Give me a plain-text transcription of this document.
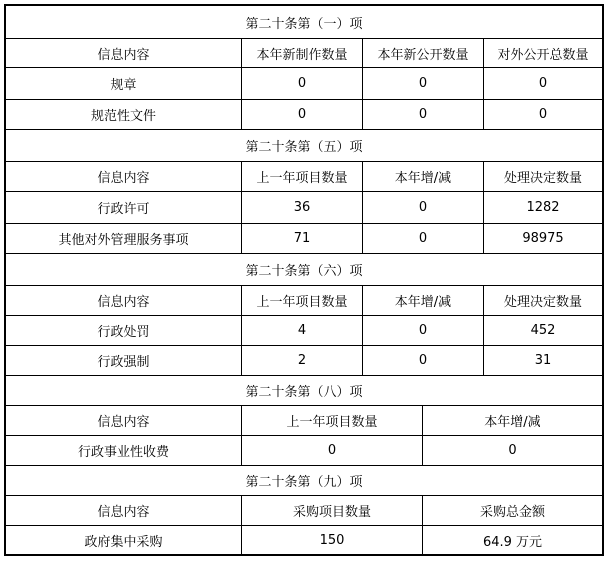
第二十条第（一）项
信息内容	本年新制作数量	本年新公开数量	对外公开总数量
规章	0	0	0
规范性文件	0	0	0
第二十条第（五）项
信息内容	上一年项目数量	本年增/减	处理决定数量
行政许可	36	0	1282
其他对外管理服务事项	71	0	98975
第二十条第（六）项
信息内容	上一年项目数量	本年增/减	处理决定数量
行政处罚	4	0	452
行政强制	2	0	31
第二十条第（八）项
信息内容	上一年项目数量	本年增/减
行政事业性收费	0	0
第二十条第（九）项
信息内容	采购项目数量	采购总金额
政府集中采购	150	64.9 万元
